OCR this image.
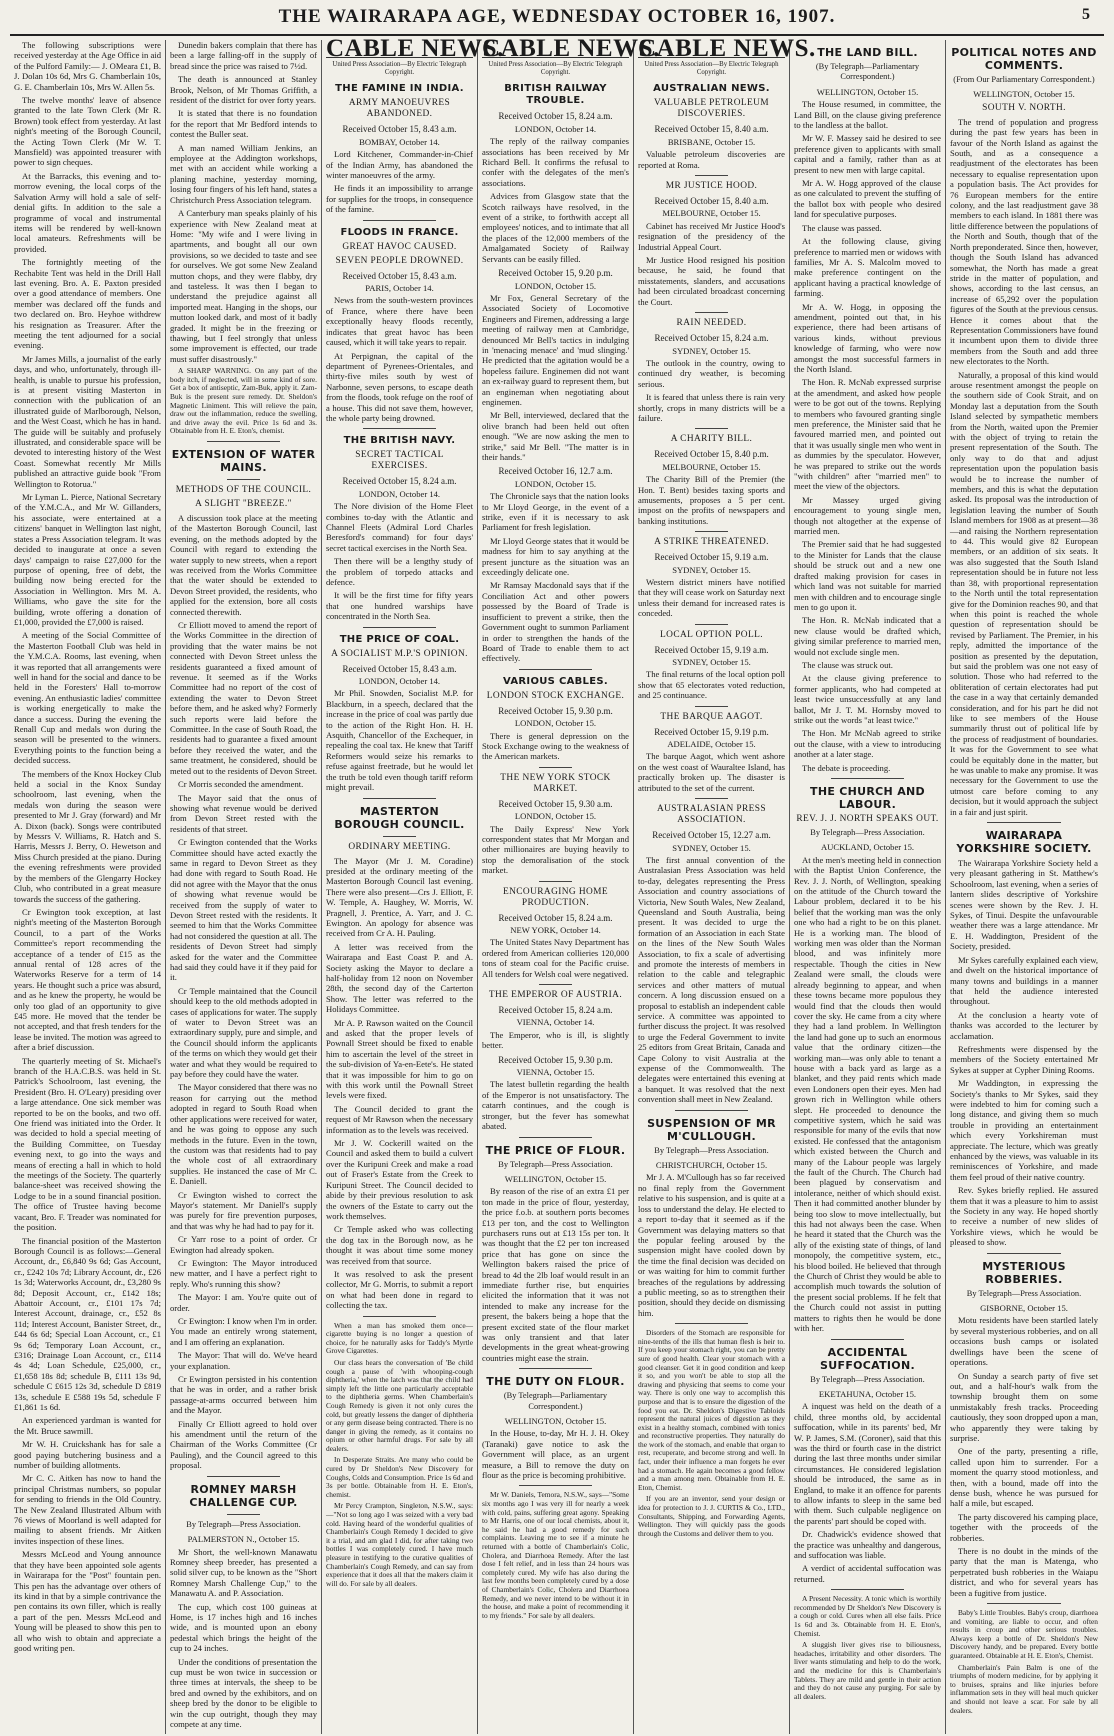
THE WAIRARAPA AGE, WEDNESDAY OCTOBER 16, 1907.	5

The following subscriptions were received yesterday at the Age Office in aid of the Pulford Family:— J. OMeara £1, B. J. Dolan 10s 6d, Mrs G. Chamberlain 10s, G. E. Chamberlain 10s, Mrs W. Allen 5s.

The twelve months' leave of absence granted to the late Town Clerk (Mr R. Brown) took effect from yesterday. At last night's meeting of the Borough Council, the Acting Town Clerk (Mr W. T. Mansfield) was appointed treasurer with power to sign cheques.

At the Barracks, this evening and to-morrow evening, the local corps of the Salvation Army will hold a sale of self-denial gifts. In addition to the sale a programme of vocal and instrumental items will be rendered by well-known local amateurs. Refreshments will be provided.

The fortnightly meeting of the Rechabite Tent was held in the Drill Hall last evening. Bro. A. E. Paxton presided over a good attendance of members. One member was declared off the funds and two declared on. Bro. Heyhoe withdrew his resignation as Treasurer. After the meeting the tent adjourned for a social evening.

Mr James Mills, a journalist of the early days, and who, unfortunately, through ill-health, is unable to pursue his profession, is at present visiting Masterton in connection with the publication of an illustrated guide of Marlborough, Nelson, and the West Coast, which he has in hand. The guide will be suitably and profusely illustrated, and considerable space will be devoted to interesting history of the West Coast. Somewhat recently Mr Mills published an attractive guide book "From Wellington to Rotorua."

Mr Lyman L. Pierce, National Secretary of the Y.M.C.A., and Mr W. Gillanders, his associate, were entertained at a citizens' banquet in Wellington last night, states a Press Association telegram. It was decided to inaugurate at once a seven days' campaign to raise £27,000 for the purpose of opening, free of debt, the building now being erected for the Association in Wellington. Mrs M. A. Williams, who gave the site for the building, wrote offering a donation of £1,000, provided the £7,000 is raised.

A meeting of the Social Committee of the Masterton Football Club was held in the Y.M.C.A. Rooms, last evening, when it was reported that all arrangements were well in hand for the social and dance to be held in the Foresters' Hall to-morrow evening. An enthusiastic ladies' committee is working energetically to make the dance a success. During the evening the Renall Cup and medals won during the season will be presented to the winners. Everything points to the function being a decided success.

The members of the Knox Hockey Club held a social in the Knox Sunday schoolroom, last evening, when the medals won during the season were presented to Mr J. Gray (forward) and Mr A. Dixon (back). Songs were contributed by Messrs V. Williams, R. Hatch and S. Harris, Messrs J. Berry, O. Hewetson and Miss Church presided at the piano. During the evening refreshments were provided by the members of the Glengarry Hockey Club, who contributed in a great measure towards the success of the gathering.

Cr Ewington took exception, at last night's meeting of the Masterton Borough Council, to a part of the Works Committee's report recommending the acceptance of a tender of £15 as the annual rental of 128 acres of the Waterworks Reserve for a term of 14 years. He thought such a price was absurd, and as he knew the property, he would be only too glad of an opportunity to give £45 more. He moved that the tender be not accepted, and that fresh tenders for the lease be invited. The motion was agreed to after a brief discussion.

The quarterly meeting of St. Michael's branch of the H.A.C.B.S. was held in St. Patrick's Schoolroom, last evening, the President (Bro. H. O'Leary) presiding over a large attendance. One sick member was reported to be on the books, and two off. One friend was initiated into the Order. It was decided to hold a special meeting of the Building Committee, on Tuesday evening next, to go into the ways and means of erecting a hall in which to hold the meetings of the Society. The quarterly balance-sheet was received showing the Lodge to be in a sound financial position. The office of Trustee having become vacant, Bro. F. Treader was nominated for the position.

The financial position of the Masterton Borough Council is as follows:—General Account, dr., £6,840 9s 6d; Gas Account, cr., £242 10s 7d; Library Account, dr., £26 1s 3d; Waterworks Account, dr., £3,280 9s 8d; Deposit Account, cr., £142 18s; Abattoir Account, cr., £101 17s 7d; Interest Account, drainage, cr., £52 8s 11d; Interest Account, Banister Street, dr., £44 6s 6d; Special Loan Account, cr., £1 9s 6d; Temporary Loan Account, cr., £316; Drainage Loan Account, cr., £114 4s 4d; Loan Schedule, £25,000, cr., £1,658 18s 8d; schedule B, £111 13s 9d, schedule C £615 12s 3d, schedule D £819 13s, schedule E £588 19s 5d, schedule F £1,861 1s 6d.

An experienced yardman is wanted for the Mt. Bruce sawmill.

Mr W. H. Cruickshank has for sale a good paying butchering business and a number of building allotments.

Mr C. C. Aitken has now to hand the principal Christmas numbers, so popular for sending to friends in the Old Country. The New Zealand Illustrated Album with 76 views of Moorland is well adapted for mailing to absent friends. Mr Aitken invites inspection of these lines.

Messrs McLeod and Young announce that they have been appointed sole agents in Wairarapa for the "Post" fountain pen. This pen has the advantage over others of its kind in that by a simple contrivance the pen contains its own filler, which is really a part of the pen. Messrs McLeod and Young will be pleased to show this pen to all who wish to obtain and appreciate a good writing pen.

Dunedin bakers complain that there has been a large falling-off in the supply of bread since the price was raised to 7½d.

The death is announced at Stanley Brook, Nelson, of Mr Thomas Griffith, a resident of the district for over forty years.

It is stated that there is no foundation for the report that Mr Bedford intends to contest the Buller seat.

A man named William Jenkins, an employee at the Addington workshops, met with an accident while working a planing machine, yesterday morning, losing four fingers of his left hand, states a Christchurch Press Association telegram.

A Canterbury man speaks plainly of his experience with New Zealand meat at Home: "My wife and I were living in apartments, and bought all our own provisions, so we decided to taste and see for ourselves. We got some New Zealand mutton chops, and they were flabby, dry and tasteless. It was then I began to understand the prejudice against all imported meat. Hanging in the shops, our mutton looked dark, and most of it badly graded. It might be in the freezing or thawing, but I feel strongly that unless some improvement is effected, our trade must suffer disastrously."

A SHARP WARNING. On any part of the body itch, if neglected, will in some kind of sore. Get a box of antiseptic, Zam-Buk, apply it. Zam-Buk is the present sure remedy. Dr. Sheldon's Magnetic Liniment. This will relieve the pain, draw out the inflammation, reduce the swelling, and drive away the evil. Price 1s 6d and 3s. Obtainable from H. E. Eton's, chemist.

EXTENSION OF WATER MAINS.
METHODS OF THE COUNCIL.
A SLIGHT "BREEZE."

A discussion took place at the meeting of the Masterton Borough Council, last evening, on the methods adopted by the Council with regard to extending the water supply to new streets, when a report was received from the Works Committee that the water should be extended to Devon Street provided, the residents, who applied for the extension, bore all costs connected therewith.

Cr Elliott moved to amend the report of the Works Committee in the direction of providing that the water mains be not connected with Devon Street unless the residents guaranteed a fixed amount of revenue. It seemed as if the Works Committee had no report of the cost of extending the water to Devon Street before them, and he asked why? Formerly such reports were laid before the Committee. In the case of South Road, the residents had to guarantee a fixed amount before they received the water, and the same treatment, he considered, should be meted out to the residents of Devon Street.

Cr Morris seconded the amendment.

The Mayor said that the onus of showing what revenue would be derived from Devon Street rested with the residents of that street.

Cr Ewington contended that the Works Committee should have acted exactly the same in regard to Devon Street as they had done with regard to South Road. He did not agree with the Mayor that the onus of showing what revenue would be received from the supply of water to Devon Street rested with the residents. It seemed to him that the Works Committee had not considered the question at all. The residents of Devon Street had simply asked for the water and the Committee had said they could have it if they paid for it.

Cr Temple maintained that the Council should keep to the old methods adopted in cases of applications for water. The supply of water to Devon Street was an extraordinary supply, pure and simple, and the Council should inform the applicants of the terms on which they would get their water and what they would be required to pay before they could have the water.

The Mayor considered that there was no reason for carrying out the method adopted in regard to South Road when other applications were received for water, and he was going to oppose any such methods in the future. Even in the town, the custom was that residents had to pay the whole cost of all extraordinary supplies. He instanced the case of Mr C. E. Daniell.

Cr Ewington wished to correct the Mayor's statement. Mr Daniell's supply was purely for fire prevention purposes, and that was why he had had to pay for it.

Cr Yarr rose to a point of order. Cr Ewington had already spoken.

Cr Ewington: The Mayor introduced new matter, and I have a perfect right to reply. Who's running this show?

The Mayor: I am. You're quite out of order.

Cr Ewington: I know when I'm in order. You made an entirely wrong statement, and I am offering an explanation.

The Mayor: That will do. We've heard your explanation.

Cr Ewington persisted in his contention that he was in order, and a rather brisk passage-at-arms occurred between him and the Mayor.

Finally Cr Elliott agreed to hold over his amendment until the return of the Chairman of the Works Committee (Cr Pauling), and the Council agreed to this proposal.

ROMNEY MARSH CHALLENGE CUP.
By Telegraph—Press Association.
PALMERSTON N., October 15.

Mr Short, the well-known Manawatu Romney sheep breeder, has presented a solid silver cup, to be known as the "Short Romney Marsh Challenge Cup," to the Manawatu A. and P. Association.

The cup, which cost 100 guineas at Home, is 17 inches high and 16 inches wide, and is mounted upon an ebony pedestal which brings the height of the cup to 24 inches.

Under the conditions of presentation the cup must be won twice in succession or three times at intervals, the sheep to be bred and owned by the exhibitors, and on sheep bred by the donor to be eligible to win the cup outright, though they may compete at any time.

CABLE NEWS.
United Press Association—By Electric Telegraph Copyright.
THE FAMINE IN INDIA.
ARMY MANOEUVRES ABANDONED.
Received October 15, 8.43 a.m.
BOMBAY, October 14.

Lord Kitchener, Commander-in-Chief of the Indian Army, has abandoned the winter manoeuvres of the army.

He finds it an impossibility to arrange for supplies for the troops, in consequence of the famine.

FLOODS IN FRANCE.
GREAT HAVOC CAUSED.
SEVEN PEOPLE DROWNED.
Received October 15, 8.43 a.m.
PARIS, October 14.

News from the south-western provinces of France, where there have been exceptionally heavy floods recently, indicates that great havoc has been caused, which it will take years to repair.

At Perpignan, the capital of the department of Pyrenees-Orientales, and thirty-five miles south by west of Narbonne, seven persons, to escape death from the floods, took refuge on the roof of a house. This did not save them, however, the whole party being drowned.

THE BRITISH NAVY.
SECRET TACTICAL EXERCISES.
Received October 15, 8.24 a.m.
LONDON, October 14.

The Nore division of the Home Fleet combines to-day with the Atlantic and Channel Fleets (Admiral Lord Charles Beresford's command) for four days' secret tactical exercises in the North Sea.

Then there will be a lengthy study of the problem of torpedo attacks and defence.

It will be the first time for fifty years that one hundred warships have concentrated in the North Sea.

THE PRICE OF COAL.
A SOCIALIST M.P.'S OPINION.
Received October 15, 8.43 a.m.
LONDON, October 14.

Mr Phil. Snowden, Socialist M.P. for Blackburn, in a speech, declared that the increase in the price of coal was partly due to the action of the Right Hon. H. H. Asquith, Chancellor of the Exchequer, in repealing the coal tax. He knew that Tariff Reformers would seize his remarks to refuse against freetrade, but he would let the truth be told even though tariff reform might prevail.

MASTERTON BOROUGH COUNCIL.
ORDINARY MEETING.

The Mayor (Mr J. M. Coradine) presided at the ordinary meeting of the Masterton Borough Council last evening. There were also present—Crs J. Elliott, F. W. Temple, A. Haughey, W. Morris, W. Pragnell, J. Prentice, A. Yarr, and J. C. Ewington. An apology for absence was received from Cr A. H. Pauling.

A letter was received from the Wairarapa and East Coast P. and A. Society asking the Mayor to declare a half-holiday from 12 noon on November 28th, the second day of the Carterton Show. The letter was referred to the Holidays Committee.

Mr A. P. Rawson waited on the Council and asked that the proper levels of Pownall Street should be fixed to enable him to ascertain the level of the street in the sub-division of Ya-en-Eete's. He stated that it was impossible for him to go on with this work until the Pownall Street levels were fixed.

The Council decided to grant the request of Mr Rawson when the necessary information as to the levels was received.

Mr J. W. Cockerill waited on the Council and asked them to build a culvert over the Kuripuni Creek and make a road out of Fraser's Estate from the Creek to Kuripuni Street. The Council decided to abide by their previous resolution to ask the owners of the Estate to carry out the work themselves.

Cr Temple asked who was collecting the dog tax in the Borough now, as he thought it was about time some money was received from that source.

It was resolved to ask the present collector, Mr G. Morris, to submit a report on what had been done in regard to collecting the tax.

When a man has smoked them once—cigarette buying is no longer a question of choice, for he naturally asks for Taddy's Myrtle Grove Cigarettes.

Our class hears the conversation of 'Be child cough a pause of 'with whooping-cough diphtheria,' when the latch was that the child had simply left the little one particularly acceptable to the diphtheria germs. When Chamberlain's Cough Remedy is given it not only cures the cold, but greatly lessens the danger of diphtheria or any germ disease being contracted. There is no danger in giving the remedy, as it contains no opium or other harmful drugs. For sale by all dealers.

In Desperate Straits. Are many who could be cured by Dr Sheldon's New Discovery for Coughs, Colds and Consumption. Price 1s 6d and 3s per bottle. Obtainable from H. E. Eton's, chemist.

Mr Percy Crampton, Singleton, N.S.W., says:—"Not so long ago I was seized with a very bad cold. Having heard of the wonderful qualities of Chamberlain's Cough Remedy I decided to give it a trial, and am glad I did, for after taking two bottles I was completely cured. I have much pleasure in testifying to the curative qualities of Chamberlain's Cough Remedy, and can say from experience that it does all that the makers claim it will do. For sale by all dealers.

CABLE NEWS.
United Press Association—By Electric Telegraph Copyright.
BRITISH RAILWAY TROUBLE.
Received October 15, 8.24 a.m.
LONDON, October 14.

The reply of the railway companies associations has been received by Mr Richard Bell. It confirms the refusal to confer with the delegates of the men's associations.

Advices from Glasgow state that the Scotch railways have resolved, in the event of a strike, to forthwith accept all employees' notices, and to intimate that all the places of the 12,000 members of the Amalgamated Society of Railway Servants can be easily filled.

Received October 15, 9.20 p.m.
LONDON, October 15.

Mr Fox, General Secretary of the Associated Society of Locomotive Engineers and Firemen, addressing a large meeting of railway men at Cambridge, denounced Mr Bell's tactics in indulging in 'menacing menace' and 'mud slinging.' He predicted that the agitation would be a hopeless failure. Enginemen did not want an ex-railway guard to represent them, but an engineman when negotiating about enginemen.

Mr Bell, interviewed, declared that the olive branch had been held out often enough. "We are now asking the men to strike," said Mr Bell. "The matter is in their hands."

Received October 16, 12.7 a.m.
LONDON, October 15.

The Chronicle says that the nation looks to Mr Lloyd George, in the event of a strike, even if it is necessary to ask Parliament for fresh legislation.

Mr Lloyd George states that it would be madness for him to say anything at the present juncture as the situation was an exceedingly delicate one.

Mr Ramsay Macdonald says that if the Conciliation Act and other powers possessed by the Board of Trade is insufficient to prevent a strike, then the Government ought to summon Parliament in order to strengthen the hands of the Board of Trade to enable them to act effectively.

VARIOUS CABLES.
LONDON STOCK EXCHANGE.
Received October 15, 9.30 p.m.
LONDON, October 15.

There is general depression on the Stock Exchange owing to the weakness of the American markets.

THE NEW YORK STOCK MARKET.
Received October 15, 9.30 a.m.
LONDON, October 15.

The Daily Express' New York correspondent states that Mr Morgan and other millionaires are buying heavily to stop the demoralisation of the stock market.

ENCOURAGING HOME PRODUCTION.
Received October 15, 8.24 a.m.
NEW YORK, October 14.

The United States Navy Department has ordered from American collieries 120,000 tons of steam coal for the Pacific cruise. All tenders for Welsh coal were negatived.

THE EMPEROR OF AUSTRIA.
Received October 15, 8.24 a.m.
VIENNA, October 14.

The Emperor, who is ill, is slightly better.

Received October 15, 9.30 p.m.
VIENNA, October 15.

The latest bulletin regarding the health of the Emperor is not unsatisfactory. The catarrh continues, and the cough is stronger, but the fever has somewhat abated.

THE PRICE OF FLOUR.
By Telegraph—Press Association.
WELLINGTON, October 15.

By reason of the rise of an extra £1 per ton made in the price of flour, yesterday, the price f.o.b. at southern ports becomes £13 per ton, and the cost to Wellington purchasers runs out at £13 15s per ton. It was thought that the £2 per ton increased price that has gone on since the Wellington bakers raised the price of bread to 4d the 2lb loaf would result in an immediate further rise, but enquiries elicited the information that it was not intended to make any increase for the present, the bakers being a hope that the present excited state of the flour market was only transient and that later developments in the great wheat-growing countries might ease the strain.

THE DUTY ON FLOUR.
(By Telegraph—Parliamentary Correspondent.)
WELLINGTON, October 15.

In the House, to-day, Mr H. J. H. Okey (Taranaki) gave notice to ask the Government will place, as an urgent measure, a Bill to remove the duty on flour as the price is becoming prohibitive.

Mr W. Daniels, Temora, N.S.W., says—"Some six months ago I was very ill for nearly a week with cold, pains, suffering great agony. Speaking to Mr Harris, one of our local chemists, about it, he said he had a good remedy for such complaints. Leaving me to see if a minute he returned with a bottle of Chamberlain's Colic, Cholera, and Diarrhoea Remedy. After the last dose I felt relief, and in less than 24 hours was completely cured. My wife has also during the last few months been completely cured by a dose of Chamberlain's Colic, Cholera and Diarrhoea Remedy, and we never intend to be without it in the house, and make a point of recommending it to my friends." For sale by all dealers.

CABLE NEWS.
United Press Association—By Electric Telegraph Copyright.
AUSTRALIAN NEWS.
VALUABLE PETROLEUM DISCOVERIES.
Received October 15, 8.40 a.m.
BRISBANE, October 15.

Valuable petroleum discoveries are reported at Roma.

MR JUSTICE HOOD.
Received October 15, 8.40 a.m.
MELBOURNE, October 15.

Cabinet has received Mr Justice Hood's resignation of the presidency of the Industrial Appeal Court.

Mr Justice Hood resigned his position because, he said, he found that misstatements, slanders, and accusations had been circulated broadcast concerning the Court.

RAIN NEEDED.
Received October 15, 8.24 a.m.
SYDNEY, October 15.

The outlook in the country, owing to continued dry weather, is becoming serious.

It is feared that unless there is rain very shortly, crops in many districts will be a failure.

A CHARITY BILL.
Received October 15, 8.40 p.m.
MELBOURNE, October 15.

The Charity Bill of the Premier (the Hon. T. Bent) besides taxing sports and amusements, proposes a 5 per cent. impost on the profits of newspapers and banking institutions.

A STRIKE THREATENED.
Received October 15, 9.19 a.m.
SYDNEY, October 15.

Western district miners have notified that they will cease work on Saturday next unless their demand for increased rates is conceded.

LOCAL OPTION POLL.
Received October 15, 9.19 a.m.
SYDNEY, October 15.

The final returns of the local option poll show that 65 electorates voted reduction, and 25 continuance.

THE BARQUE AAGOT.
Received October 15, 9.19 p.m.
ADELAIDE, October 15.

The barque Aagot, which went ashore on the west coast of Wauraltee Island, has practically broken up. The disaster is attributed to the set of the current.

AUSTRALASIAN PRESS ASSOCIATION.
Received October 15, 12.27 a.m.
SYDNEY, October 15.

The first annual convention of the Australasian Press Association was held to-day, delegates representing the Press Association and country associations of Victoria, New South Wales, New Zealand, Queensland and South Australia, being present. It was decided to urge the formation of an Association in each State on the lines of the New South Wales Association, to fix a scale of advertising and promote the interests of members in relation to the cable and telegraphic services and other matters of mutual concern. A long discussion ensued on a proposal to establish an independent cable service. A committee was appointed to further discuss the project. It was resolved to urge the Federal Government to invite 25 editors from Great Britain, Canada and Cape Colony to visit Australia at the expense of the Commonwealth. The delegates were entertained this evening at a banquet. It was resolved that the next convention shall meet in New Zealand.

SUSPENSION OF MR M'CULLOUGH.
By Telegraph—Press Association.
CHRISTCHURCH, October 15.

Mr J. A. M'Cullough has so far received no final reply from the Government relative to his suspension, and is quite at a loss to understand the delay. He elected to a report to-day that it seemed as if the Government was delaying matters so that the popular feeling aroused by the suspension might have cooled down by the time the final decision was decided on or was waiting for him to commit further breaches of the regulations by addressing a public meeting, so as to strengthen their position, should they decide on dismissing him.

Disorders of the Stomach are responsible for nine-tenths of the ills that human flesh is heir to. If you keep your stomach right, you can be pretty sure of good health. Clear your stomach with a good cleanser. Get it in good condition and keep it so, and you won't be able to stop all the drawing and physicing that seems to come your way. There is only one way to accomplish this purpose and that is to ensure the digestion of the food you eat. Dr. Sheldon's Digestive Tabloids represent the natural juices of digestion as they exist in a healthy stomach, combined with tonics and reconstructive properties. They naturally do the work of the stomach, and enable that organ to rest, recuperate, and become strong and well. In fact, under their influence a man forgets he ever had a stomach. He again becomes a good fellow and a man among men. Obtainable from H. E. Eton, Chemist.

If you are an inventor, send your design or idea for protection to J. J. CURTIS & Co., LTD., Consultants, Shipping, and Forwarding Agents, Wellington. They will quickly pass the goods through the Customs and deliver them to you.

THE LAND BILL.
(By Telegraph—Parliamentary Correspondent.)
WELLINGTON, October 15.

The House resumed, in committee, the Land Bill, on the clause giving preference to the landless at the ballot.

Mr W. F. Massey said he desired to see preference given to applicants with small capital and a family, rather than as at present to new men with large capital.

Mr A. W. Hogg approved of the clause as one calculated to prevent the stuffing of the ballot box with people who desired land for speculative purposes.

The clause was passed.

At the following clause, giving preference to married men or widows with families, Mr A. S. Malcolm moved to make preference contingent on the applicant having a practical knowledge of farming.

Mr A. W. Hogg, in opposing the amendment, pointed out that, in his experience, there had been artisans of various kinds, without previous knowledge of farming, who were now amongst the most successful farmers in the North Island.

The Hon. R. McNab expressed surprise at the amendment, and asked how people were to be got out of the towns. Replying to members who favoured granting single men preference, the Minister said that he favoured married men, and pointed out that it was usually single men who went in as dummies by the speculator. However, he was prepared to strike out the words "with children" after "married men" to meet the view of the objectors.

Mr Massey urged giving encouragement to young single men, though not altogether at the expense of married men.

The Premier said that he had suggested to the Minister for Lands that the clause should be struck out and a new one drafted making provision for cases in which land was not suitable for married men with children and to encourage single men to go upon it.

The Hon. R. McNab indicated that a new clause would be drafted which, giving similar preference to married men, would not exclude single men.

The clause was struck out.

At the clause giving preference to former applicants, who had competed at least twice unsuccessfully at any land ballot, Mr J. T. M. Hornsby moved to strike out the words "at least twice."

The Hon. Mr McNab agreed to strike out the clause, with a view to introducing another at a later stage.

The debate is proceeding.

THE CHURCH AND LABOUR.
REV. J. J. NORTH SPEAKS OUT.
By Telegraph—Press Association.
AUCKLAND, October 15.

At the men's meeting held in connection with the Baptist Union Conference, the Rev. J. J. North, of Wellington, speaking on the attitude of the Church toward the Labour problem, declared it to be his belief that the working man was the only one who had a right to be on this planet. He is a working man. The blood of working men was older than the Norman blood, and was infinitely more respectable. Though the cities in New Zealand were small, the clouds were already beginning to appear, and when these towns became more populous they would find that the clouds then would cover the sky. He came from a city where they had a land problem. In Wellington the land had gone up to such an enormous value that the ordinary citizen—the working man—was only able to tenant a house with a back yard as large as a blanket, and they paid rents which made even Londoners open their eyes. Men had grown rich in Wellington while others slept. He proceeded to denounce the competitive system, which he said was responsible for many of the evils that now existed. He confessed that the antagonism which existed between the Church and many of the Labour people was largely the fault of the Church. The Church had been plagued by conservatism and intolerance, neither of which should exist. Then it had committed another blunder by being too slow to move intellectually, but this had not always been the case. When he heard it stated that the Church was the ally of the existing state of things, of land monopoly, the competitive system, etc., his blood boiled. He believed that through the Church of Christ they would be able to accomplish much towards the solution of the present social problems. If he felt that the Church could not assist in putting matters to rights then he would be done with her.

ACCIDENTAL SUFFOCATION.
By Telegraph—Press Association.
EKETAHUNA, October 15.

A inquest was held on the death of a child, three months old, by accidental suffocation, while in its parents' bed, Mr W. P. James, S.M. (Coroner), said that this was the third or fourth case in the district during the last three months under similar circumstances. He considered legislation should be introduced, the same as in England, to make it an offence for parents to allow infants to sleep in the same bed with them. Such culpable negligence on the parents' part should be coped with.

Dr. Chadwick's evidence showed that the practice was unhealthy and dangerous, and suffocation was liable.

A verdict of accidental suffocation was returned.

A Present Necessity. A tonic which is worthily recommended by Dr Sheldon's New Discovery is a cough or cold. Cures when all else fails. Price 1s 6d and 3s. Obtainable from H. E. Eton's, Chemist.

A sluggish liver gives rise to biliousness, headaches, irritability and other disorders. The liver wants stimulating and help to do the work, and the medicine for this is Chamberlain's Tablets. They are mild and gentle in their action and they do not cause any purging. For sale by all dealers.

POLITICAL NOTES AND COMMENTS.
(From Our Parliamentary Correspondent.)
WELLINGTON, October 15.
SOUTH V. NORTH.

The trend of population and progress during the past few years has been in favour of the North Island as against the South, and as a consequence a readjustment of the electorates has been necessary to equalise representation upon a population basis. The Act provides for 76 European members for the entire colony, and the last readjustment gave 38 members to each island. In 1881 there was little difference between the populations of the North and South, though that of the North preponderated. Since then, however, though the South Island has advanced somewhat, the North has made a great stride in the matter of population, and shows, according to the last census, an increase of 65,292 over the population figures of the South at the previous census. Hence it comes about that the Representation Commissioners have found it incumbent upon them to divide three members from the South and add three new electorates to the North.

Naturally, a proposal of this kind would arouse resentment amongst the people on the southern side of Cook Strait, and on Monday last a deputation from the South Island selected by sympathetic members from the North, waited upon the Premier with the object of trying to retain the present representation of the South. The only way to do that and adjust representation upon the population basis would be to increase the number of members, and this is what the deputation asked. Its proposal was the introduction of legislation leaving the number of South Island members for 1908 as at present—38—and raising the Northern representation to 44. This would give 82 European members, or an addition of six seats. It was also suggested that the South Island representation should be in future not less than 38, with proportional representation to the North until the total representation give for the Dominion reaches 90, and that when this point is reached the whole question of representation should be revised by Parliament. The Premier, in his reply, admitted the importance of the position as presented by the deputation, but said the problem was one not easy of solution. Those who had referred to the obliteration of certain electorates had put the case in a way that certainly demanded consideration, and for his part he did not like to see members of the House summarily thrust out of political life by the process of readjustment of boundaries. It was for the Government to see what could be equitably done in the matter, but he was unable to make any promise. It was necessary for the Government to use the utmost care before coming to any decision, but it would approach the subject in a fair and just spirit.

WAIRARAPA YORKSHIRE SOCIETY.

The Wairarapa Yorkshire Society held a very pleasant gathering in St. Matthew's Schoolroom, last evening, when a series of lantern slides descriptive of Yorkshire scenes were shown by the Rev. J. H. Sykes, of Tinui. Despite the unfavourable weather there was a large attendance. Mr E. H. Waddington, President of the Society, presided.

Mr Sykes carefully explained each view, and dwelt on the historical importance of many towns and buildings in a manner that held the audience interested throughout.

At the conclusion a hearty vote of thanks was accorded to the lecturer by acclamation.

Refreshments were dispensed by the members of the Society entertained Mr Sykes at supper at Cypher Dining Rooms.

Mr Waddington, in expressing the Society's thanks to Mr Sykes, said they were indebted to him for coming such a long distance, and giving them so much trouble in providing an entertainment which every Yorkshireman must appreciate. The lecture, which was greatly enhanced by the views, was valuable in its reminiscences of Yorkshire, and made them feel proud of their native country.

Rev. Sykes briefly replied. He assured them that it was a pleasure to him to assist the Society in any way. He hoped shortly to receive a number of new slides of Yorkshire views, which he would be pleased to show.

MYSTERIOUS ROBBERIES.
By Telegraph—Press Association.
GISBORNE, October 15.

Motu residents have been startled lately by several mysterious robberies, and on all occasions bush camps or isolated dwellings have been the scene of operations.

On Sunday a search party of five set out, and a half-hour's walk from the township brought them on some unmistakably fresh tracks. Proceeding cautiously, they soon dropped upon a man, who apparently they were taking by surprise.

One of the party, presenting a rifle, called upon him to surrender. For a moment the quarry stood motionless, and then, with a bound, made off into the dense bush, whence he was pursued for half a mile, but escaped.

The party discovered his camping place, together with the proceeds of the robberies.

There is no doubt in the minds of the party that the man is Matenga, who perpetrated bush robberies in the Waiapu district, and who for several years has been a fugitive from justice.

Baby's Little Troubles. Baby's croup, diarrhoea and vomiting, are liable to occur, and often results in croup and other serious troubles. Always keep a bottle of Dr. Sheldon's New Discovery handy, and be prepared. Every bottle guaranteed. Obtainable at H. E. Eton's, Chemist.

Chamberlain's Pain Balm is one of the triumphs of modern medicine, for by applying it to bruises, sprains and like injuries before inflammation sets in they will heal much quicker and should not leave a scar. For sale by all dealers.
